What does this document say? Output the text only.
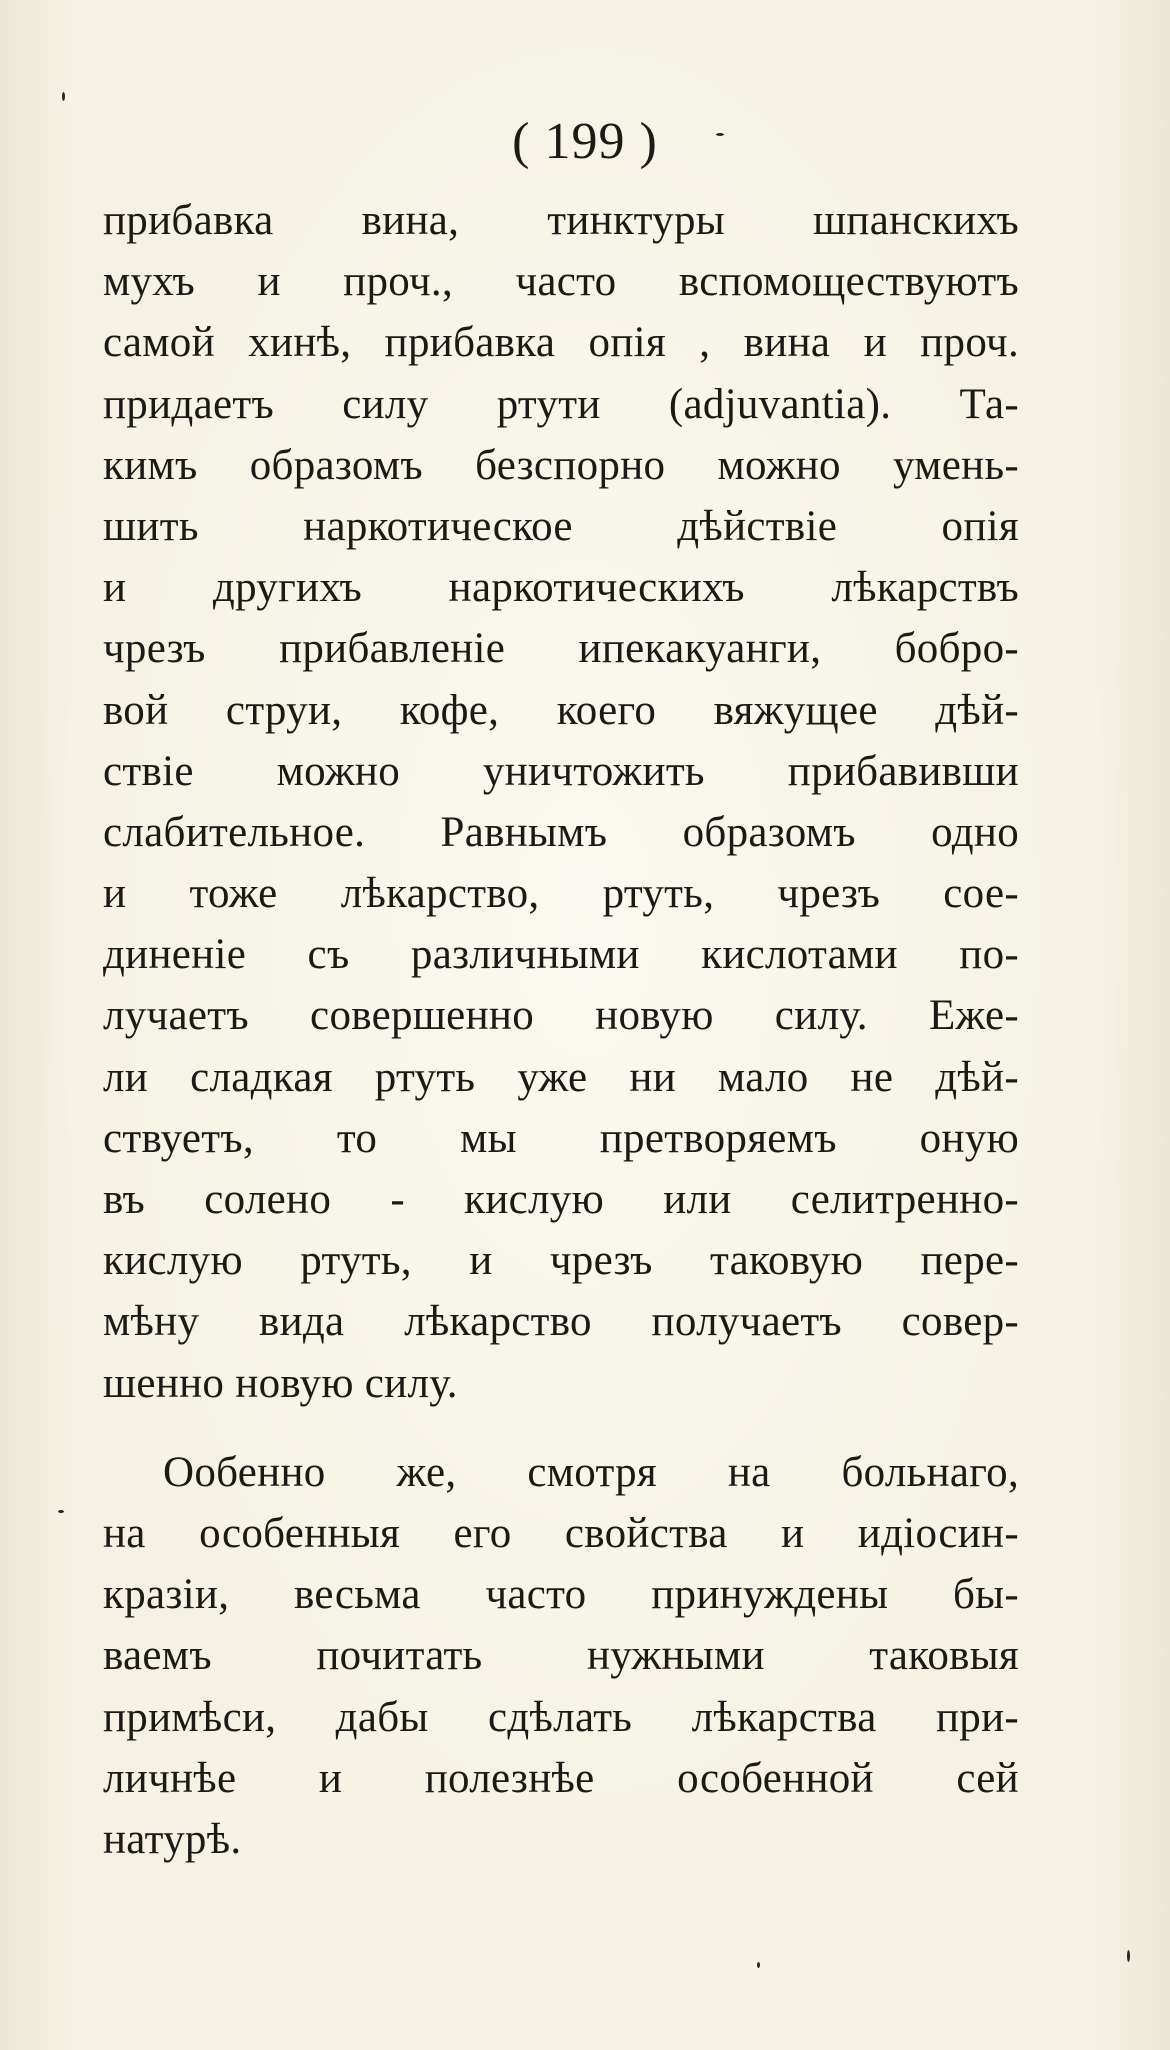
( 199 )
прибавка вина, тинктуры шпанскихъ
мухъ и проч., часто вспомоществуютъ
самой хинѣ, прибавка опія , вина и проч.
придаетъ силу ртути (adjuvantia). Та-
кимъ образомъ безспорно можно умень-
шить наркотическое дѣйствіе опія
и другихъ наркотическихъ лѣкарствъ
чрезъ прибавленіе ипекакуанги, бобро-
вой струи, кофе, коего вяжущее дѣй-
ствіе можно уничтожить прибавивши
слабительное. Равнымъ образомъ одно
и тоже лѣкарство, ртуть, чрезъ сое-
диненіе съ различными кислотами по-
лучаетъ совершенно новую силу. Еже-
ли сладкая ртуть уже ни мало не дѣй-
ствуетъ, то мы претворяемъ оную
въ солено - кислую или селитренно-
кислую ртуть, и чрезъ таковую пере-
мѣну вида лѣкарство получаетъ совер-
шенно новую силу.
Ообенно же, смотря на больнаго,
на особенныя его свойства и идіосин-
кразіи, весьма часто принуждены бы-
ваемъ почитать нужными таковыя
примѣси, дабы сдѣлать лѣкарства при-
личнѣе и полезнѣе особенной сей
натурѣ.
